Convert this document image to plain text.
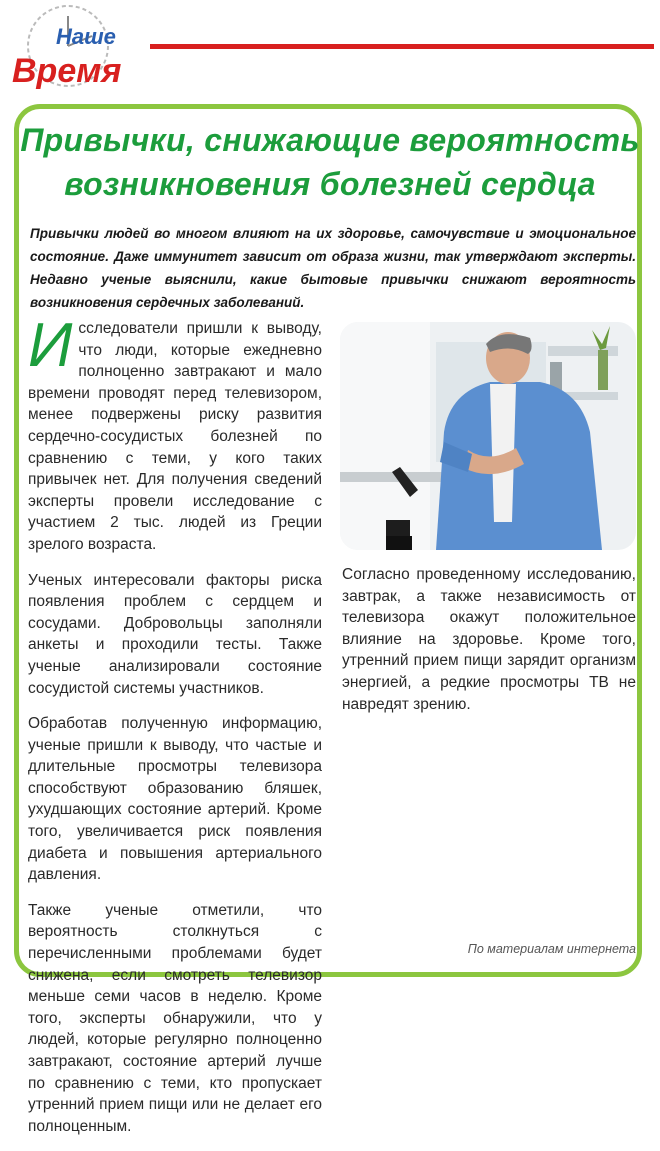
Наше
Время
Привычки, снижающие вероятность возникновения болезней сердца
Привычки людей во многом влияют на их здоровье, самочувствие и эмоциональное состояние. Даже иммунитет зависит от образа жизни, так утверждают эксперты. Недавно ученые выяснили, какие бытовые привычки снижают вероятность возникновения сердечных заболеваний.

Исследователи пришли к выводу, что люди, которые ежедневно полноценно завтракают и мало времени проводят перед телевизором, менее подвержены риску развития сердечно-сосудистых болезней по сравнению с теми, у кого таких привычек нет. Для получения сведений эксперты провели исследование с участием 2 тыс. людей из Греции зрелого возраста.

Ученых интересовали факторы риска появления проблем с сердцем и сосудами. Добровольцы заполняли анкеты и проходили тесты. Также ученые анализировали состояние сосудистой системы участников.

Обработав полученную информацию, ученые пришли к выводу, что частые и длительные просмотры телевизора способствуют образованию бляшек, ухудшающих состояние артерий. Кроме того, увеличивается риск появления диабета и повышения артериального давления.

Также ученые отметили, что вероятность столкнуться с перечисленными проблемами будет снижена, если смотреть телевизор меньше семи часов в неделю. Кроме того, эксперты обнаружили, что у людей, которые регулярно полноценно завтракают, состояние артерий лучше по сравнению с теми, кто пропускает утренний прием пищи или не делает его полноценным.

Согласно проведенному исследованию, завтрак, а также независимость от телевизора окажут положительное влияние на здоровье. Кроме того, утренний прием пищи зарядит организм энергией, а редкие просмотры ТВ не навредят зрению.

По материалам интернета
